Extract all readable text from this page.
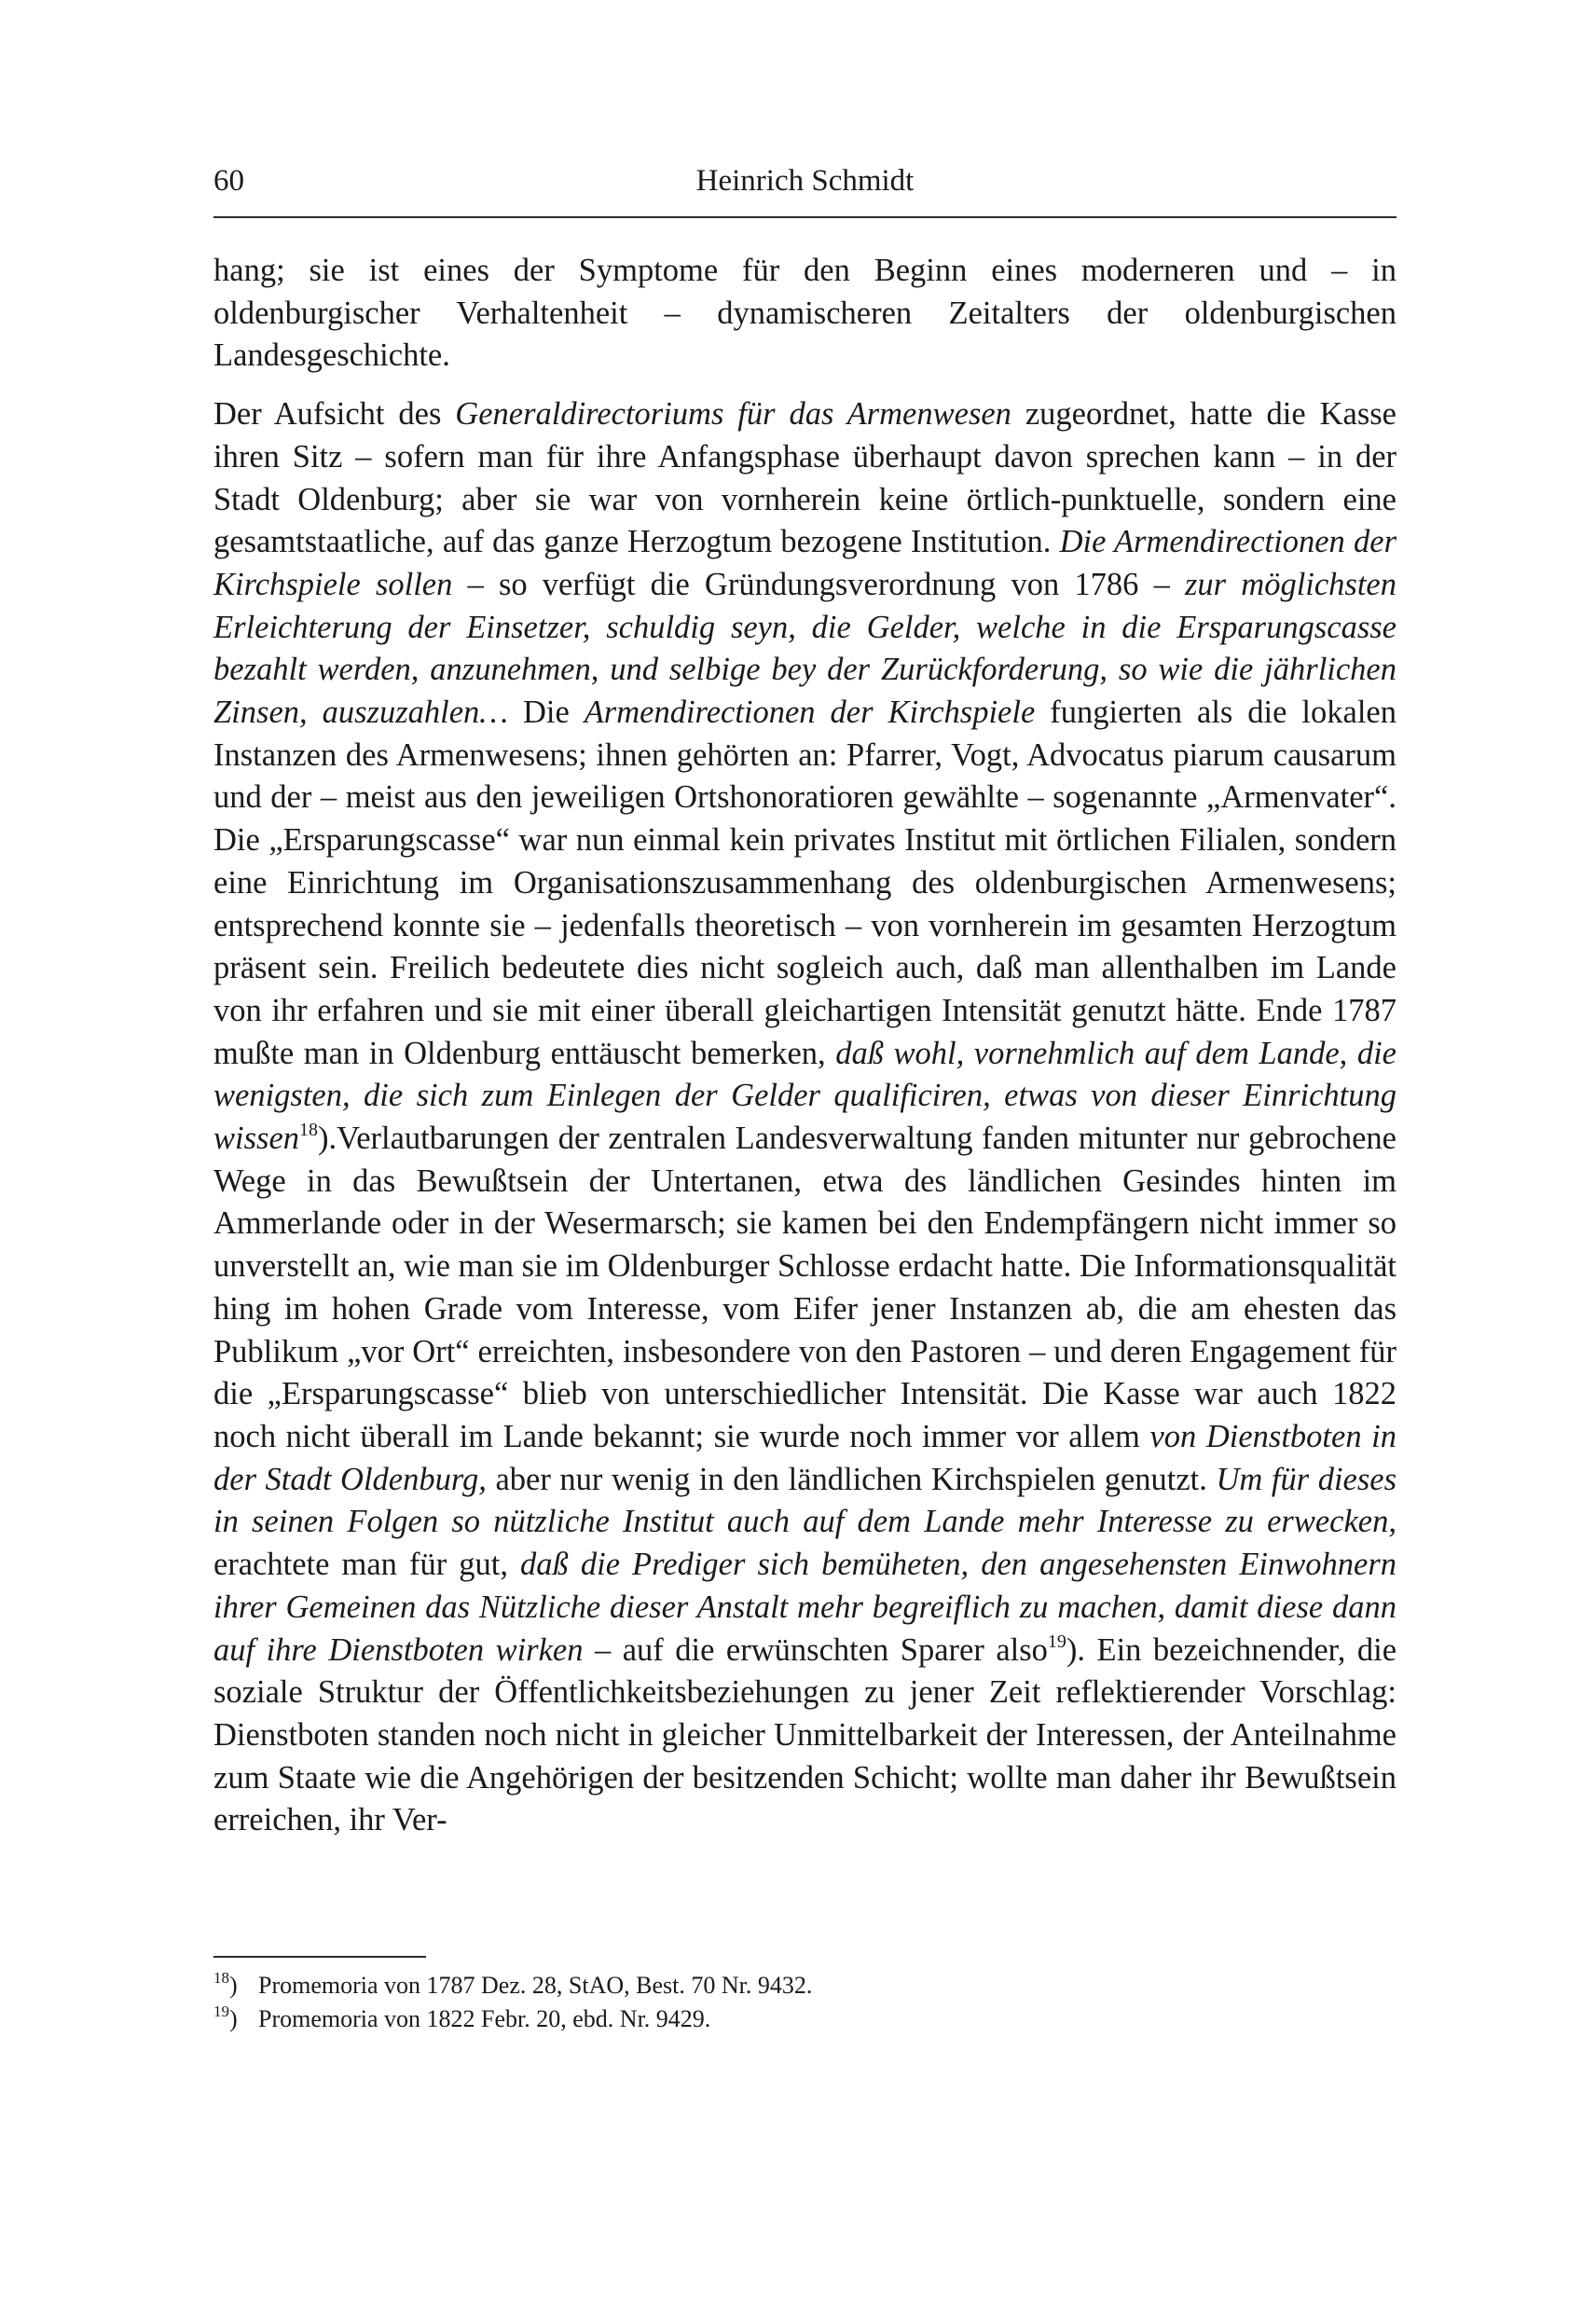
60	Heinrich Schmidt

hang; sie ist eines der Symptome für den Beginn eines moderneren und – in oldenburgischer Verhaltenheit – dynamischeren Zeitalters der oldenburgischen Landesgeschichte.

Der Aufsicht des Generaldirectoriums für das Armenwesen zugeordnet, hatte die Kasse ihren Sitz – sofern man für ihre Anfangsphase überhaupt davon sprechen kann – in der Stadt Oldenburg; aber sie war von vornherein keine örtlich-punktuelle, sondern eine gesamtstaatliche, auf das ganze Herzogtum bezogene Institution. Die Armendirectionen der Kirchspiele sollen – so verfügt die Gründungsverordnung von 1786 – zur möglichsten Erleichterung der Einsetzer, schuldig seyn, die Gelder, welche in die Ersparungscasse bezahlt werden, anzunehmen, und selbige bey der Zurückforderung, so wie die jährlichen Zinsen, auszuzahlen… Die Armendirectionen der Kirchspiele fungierten als die lokalen Instanzen des Armenwesens; ihnen gehörten an: Pfarrer, Vogt, Advocatus piarum causarum und der – meist aus den jeweiligen Ortshonoratioren gewählte – sogenannte „Armenvater“. Die „Ersparungscasse“ war nun einmal kein privates Institut mit örtlichen Filialen, sondern eine Einrichtung im Organisationszusammenhang des oldenburgischen Armenwesens; entsprechend konnte sie – jedenfalls theoretisch – von vornherein im gesamten Herzogtum präsent sein. Freilich bedeutete dies nicht sogleich auch, daß man allenthalben im Lande von ihr erfahren und sie mit einer überall gleichartigen Intensität genutzt hätte. Ende 1787 mußte man in Oldenburg enttäuscht bemerken, daß wohl, vornehmlich auf dem Lande, die wenigsten, die sich zum Einlegen der Gelder qualificiren, etwas von dieser Einrichtung wissen$^{18}$).Verlautbarungen der zentralen Landesverwaltung fanden mitunter nur gebrochene Wege in das Bewußtsein der Untertanen, etwa des ländlichen Gesindes hinten im Ammerlande oder in der Wesermarsch; sie kamen bei den Endempfängern nicht immer so unverstellt an, wie man sie im Oldenburger Schlosse erdacht hatte. Die Informationsqualität hing im hohen Grade vom Interesse, vom Eifer jener Instanzen ab, die am ehesten das Publikum „vor Ort“ erreichten, insbesondere von den Pastoren – und deren Engagement für die „Ersparungscasse“ blieb von unterschiedlicher Intensität. Die Kasse war auch 1822 noch nicht überall im Lande bekannt; sie wurde noch immer vor allem von Dienstboten in der Stadt Oldenburg, aber nur wenig in den ländlichen Kirchspielen genutzt. Um für dieses in seinen Folgen so nützliche Institut auch auf dem Lande mehr Interesse zu erwecken, erachtete man für gut, daß die Prediger sich bemüheten, den angesehensten Einwohnern ihrer Gemeinen das Nützliche dieser Anstalt mehr begreiflich zu machen, damit diese dann auf ihre Dienstboten wirken – auf die erwünschten Sparer also$^{19}$). Ein bezeichnender, die soziale Struktur der Öffentlichkeitsbeziehungen zu jener Zeit reflektierender Vorschlag: Dienstboten standen noch nicht in gleicher Unmittelbarkeit der Interessen, der Anteilnahme zum Staate wie die Angehörigen der besitzenden Schicht; wollte man daher ihr Bewußtsein erreichen, ihr Ver-

$^{18}$) Promemoria von 1787 Dez. 28, StAO, Best. 70 Nr. 9432.
$^{19}$) Promemoria von 1822 Febr. 20, ebd. Nr. 9429.
